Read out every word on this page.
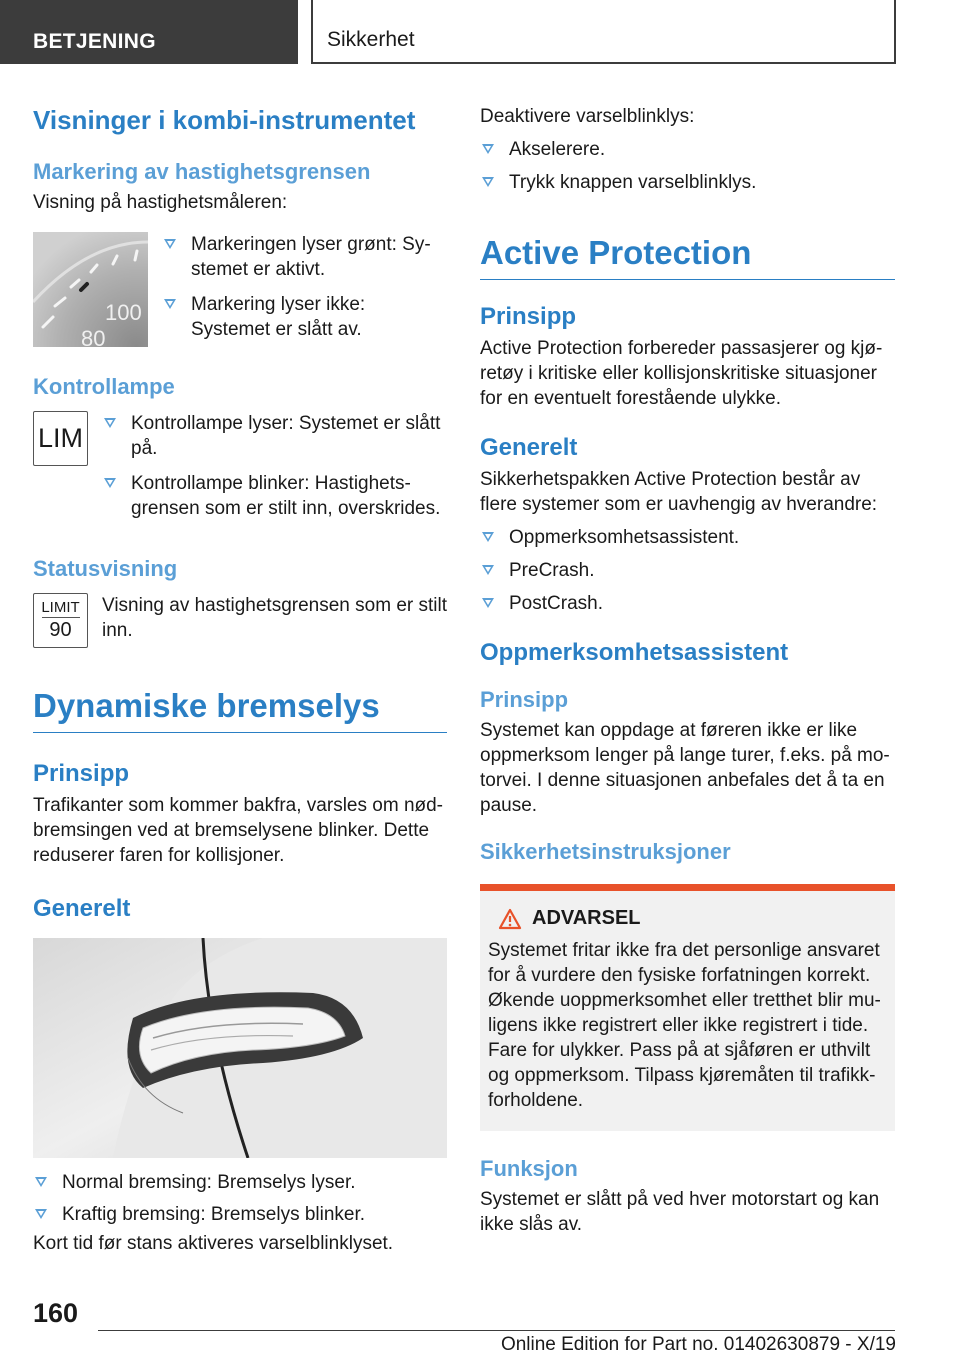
BETJENING	Sikkerhet
Visninger i kombi-instrumentet
Markering av hastighetsgrensen
Visning på hastighetsmåleren:
100
80
Markeringen lyser grønt: Sy-stemet er aktivt.
Markering lyser ikke: Systemet er slått av.
Kontrollampe
LIM	Kontrollampe lyser: Systemet er slått på.
Kontrollampe blinker: Hastighets-grensen som er stilt inn, overskrides.
Statusvisning
LIMIT
90
Visning av hastighetsgrensen som er stilt inn.
Dynamiske bremselys
Prinsipp
Trafikanter som kommer bakfra, varsles om nød-bremsingen ved at bremselysene blinker. Dette reduserer faren for kollisjoner.
Generelt
Normal bremsing: Bremselys lyser.
Kraftig bremsing: Bremselys blinker.
Kort tid før stans aktiveres varselblinklyset.
Deaktivere varselblinklys:
Akselerere.
Trykk knappen varselblinklys.
Active Protection
Prinsipp
Active Protection forbereder passasjerer og kjø-retøy i kritiske eller kollisjonskritiske situasjoner for en eventuelt forestående ulykke.
Generelt
Sikkerhetspakken Active Protection består av flere systemer som er uavhengig av hverandre:
Oppmerksomhetsassistent.
PreCrash.
PostCrash.
Oppmerksomhetsassistent
Prinsipp
Systemet kan oppdage at føreren ikke er like oppmerksom lenger på lange turer, f.eks. på mo-torvei. I denne situasjonen anbefales det å ta en pause.
Sikkerhetsinstruksjoner
ADVARSEL
Systemet fritar ikke fra det personlige ansvaret for å vurdere den fysiske forfatningen korrekt. Økende uoppmerksomhet eller tretthet blir mu-ligens ikke registrert eller ikke registrert i tide. Fare for ulykker. Pass på at sjåføren er uthvilt og oppmerksom. Tilpass kjøremåten til trafikk-forholdene.
Funksjon
Systemet er slått på ved hver motorstart og kan ikke slås av.
160
Online Edition for Part no. 01402630879 - X/19
